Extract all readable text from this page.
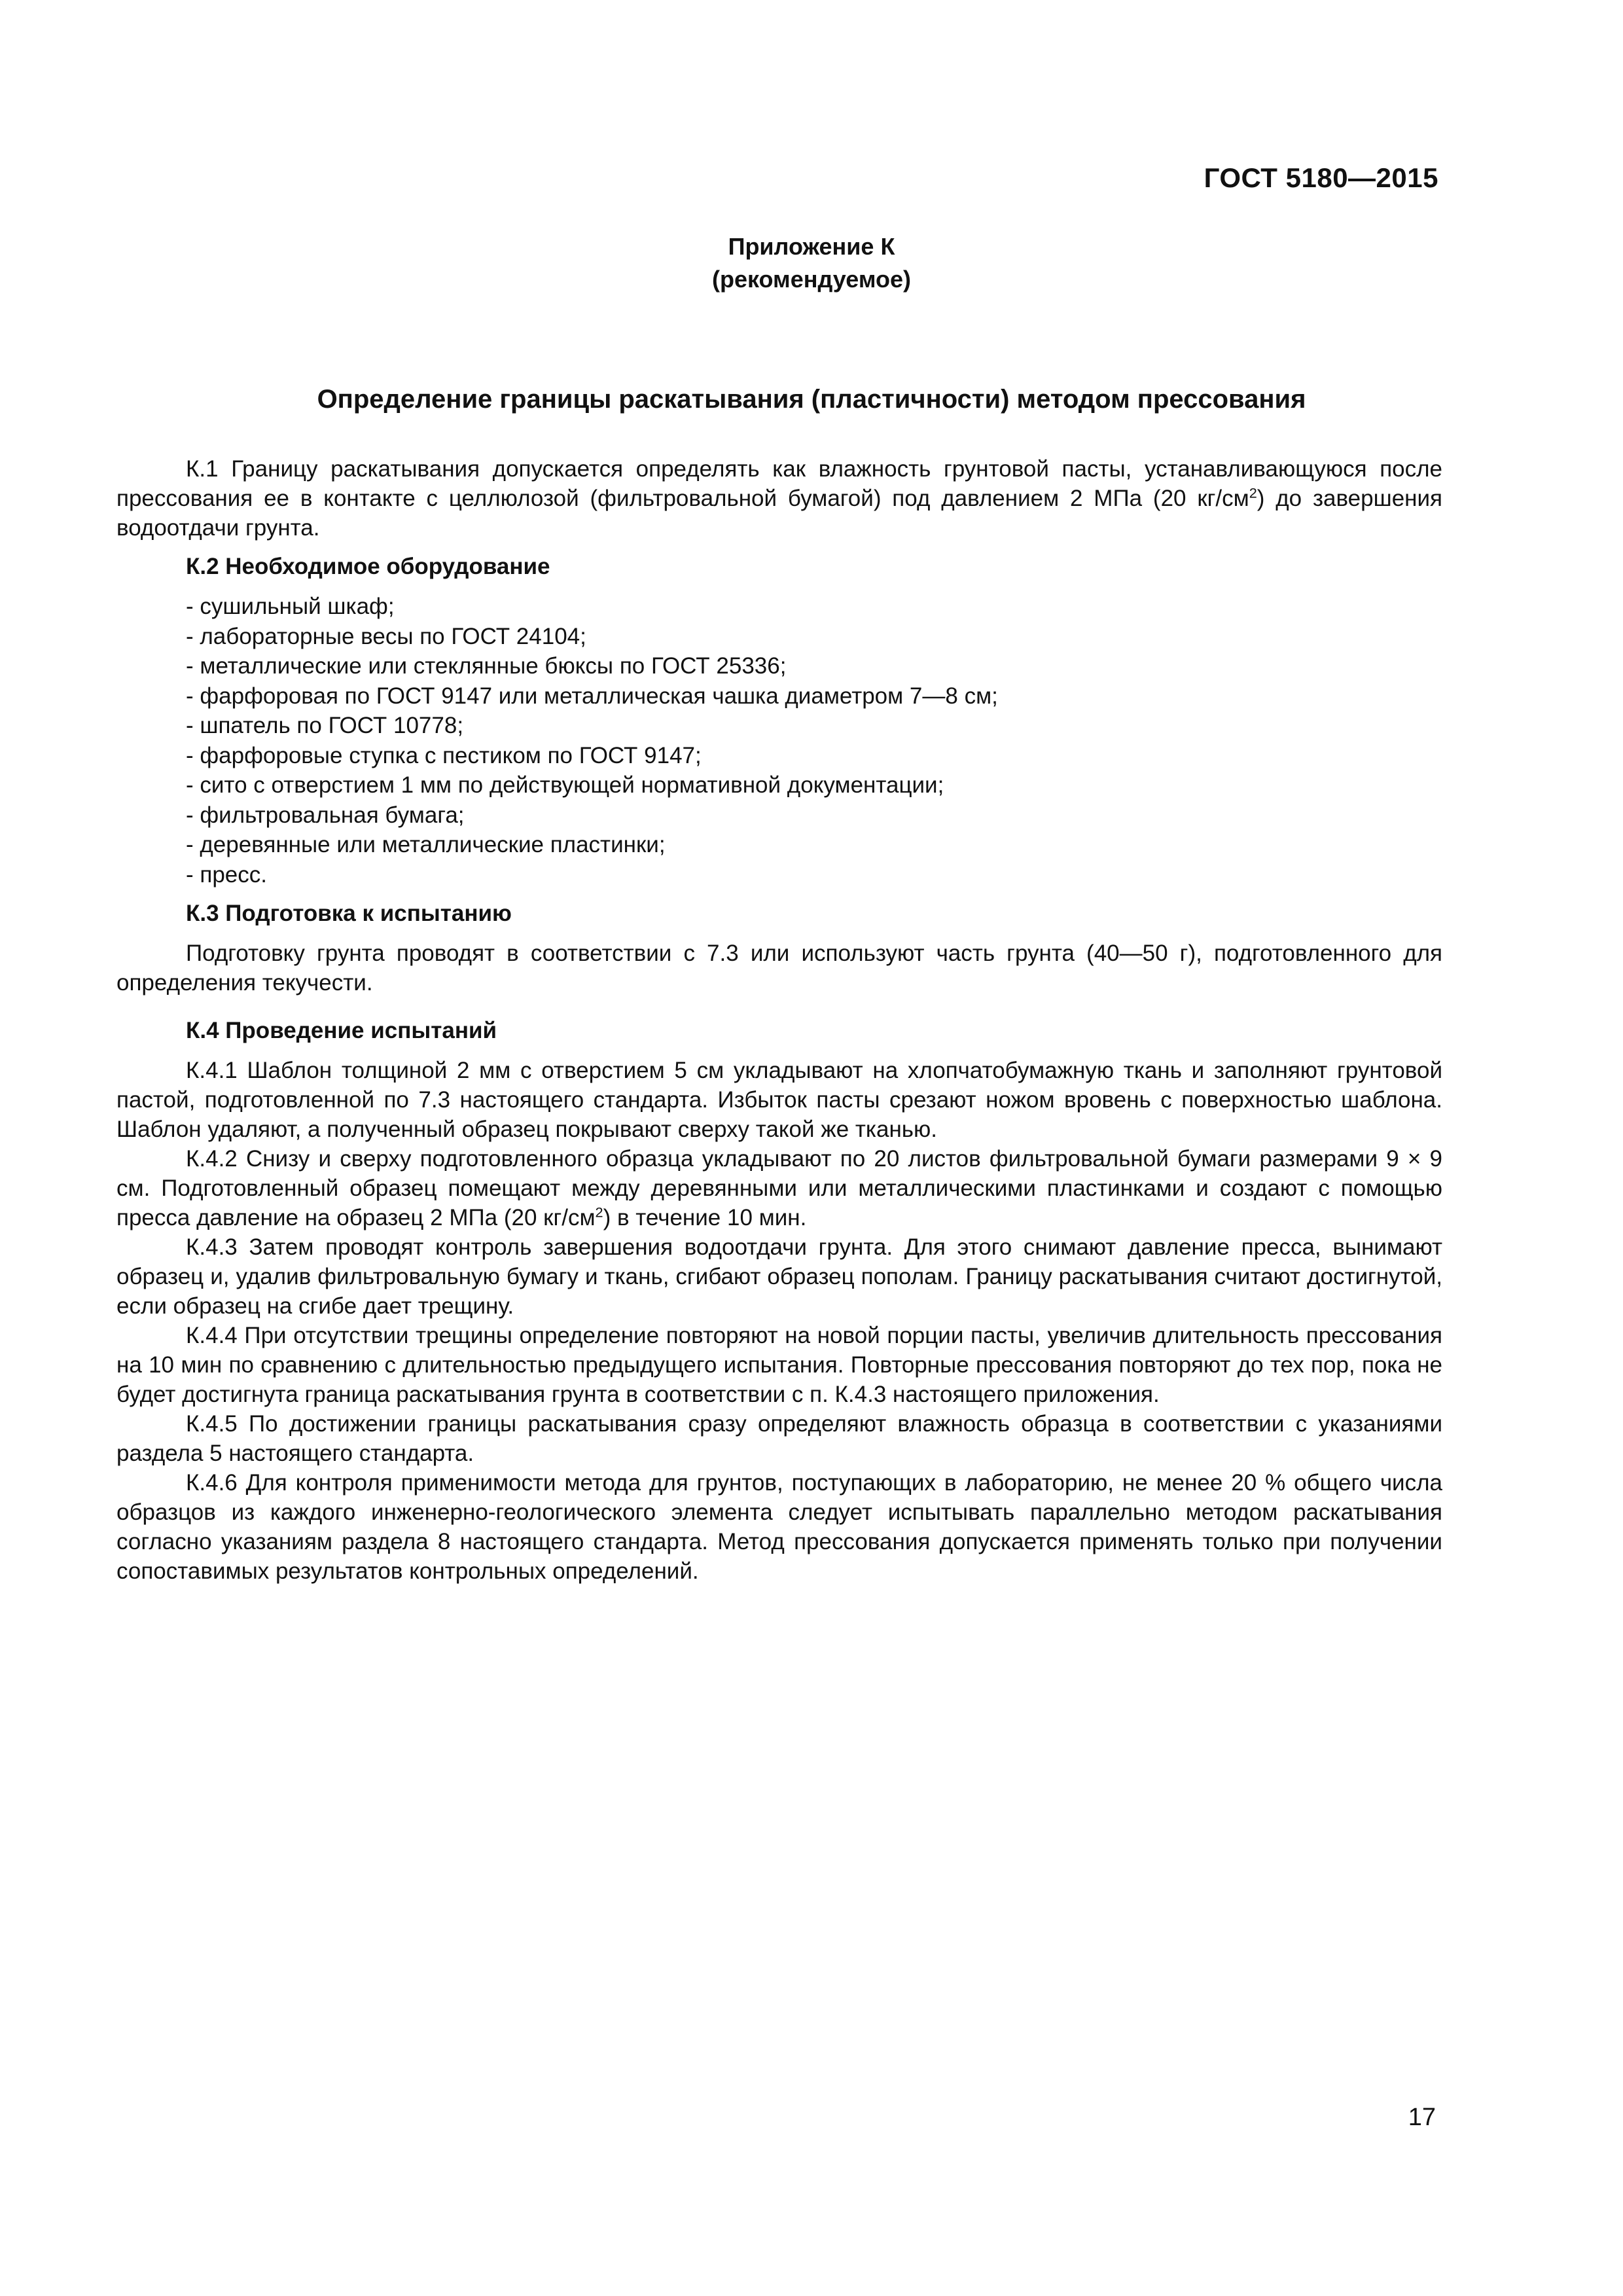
ГОСТ 5180—2015
Приложение К
(рекомендуемое)
Определение границы раскатывания (пластичности) методом прессования

К.1 Границу раскатывания допускается определять как влажность грунтовой пасты, устанавливающуюся после прессования ее в контакте с целлюлозой (фильтровальной бумагой) под давлением 2 МПа (20 $кг/см^2$) до завершения водоотдачи грунта.

К.2 Необходимое оборудование
- сушильный шкаф;
- лабораторные весы по ГОСТ 24104;
- металлические или стеклянные бюксы по ГОСТ 25336;
- фарфоровая по ГОСТ 9147 или металлическая чашка диаметром 7—8 см;
- шпатель по ГОСТ 10778;
- фарфоровые ступка с пестиком по ГОСТ 9147;
- сито с отверстием 1 мм по действующей нормативной документации;
- фильтровальная бумага;
- деревянные или металлические пластинки;
- пресс.
К.3 Подготовка к испытанию

Подготовку грунта проводят в соответствии с 7.3 или используют часть грунта (40—50 г), подготовленного для определения текучести.

К.4 Проведение испытаний

К.4.1 Шаблон толщиной 2 мм с отверстием 5 см укладывают на хлопчатобумажную ткань и заполняют грунтовой пастой, подготовленной по 7.3 настоящего стандарта. Избыток пасты срезают ножом вровень с поверхностью шаблона. Шаблон удаляют, а полученный образец покрывают сверху такой же тканью.

К.4.2 Снизу и сверху подготовленного образца укладывают по 20 листов фильтровальной бумаги размерами 9 × 9 см. Подготовленный образец помещают между деревянными или металлическими пластинками и создают с помощью пресса давление на образец 2 МПа (20 $кг/см^2$) в течение 10 мин.

К.4.3 Затем проводят контроль завершения водоотдачи грунта. Для этого снимают давление пресса, вынимают образец и, удалив фильтровальную бумагу и ткань, сгибают образец пополам. Границу раскатывания считают достигнутой, если образец на сгибе дает трещину.

К.4.4 При отсутствии трещины определение повторяют на новой порции пасты, увеличив длительность прессования на 10 мин по сравнению с длительностью предыдущего испытания. Повторные прессования повторяют до тех пор, пока не будет достигнута граница раскатывания грунта в соответствии с п. К.4.3 настоящего приложения.

К.4.5 По достижении границы раскатывания сразу определяют влажность образца в соответствии с указаниями раздела 5 настоящего стандарта.

К.4.6 Для контроля применимости метода для грунтов, поступающих в лабораторию, не менее 20 % общего числа образцов из каждого инженерно-геологического элемента следует испытывать параллельно методом раскатывания согласно указаниям раздела 8 настоящего стандарта. Метод прессования допускается применять только при получении сопоставимых результатов контрольных определений.

17
